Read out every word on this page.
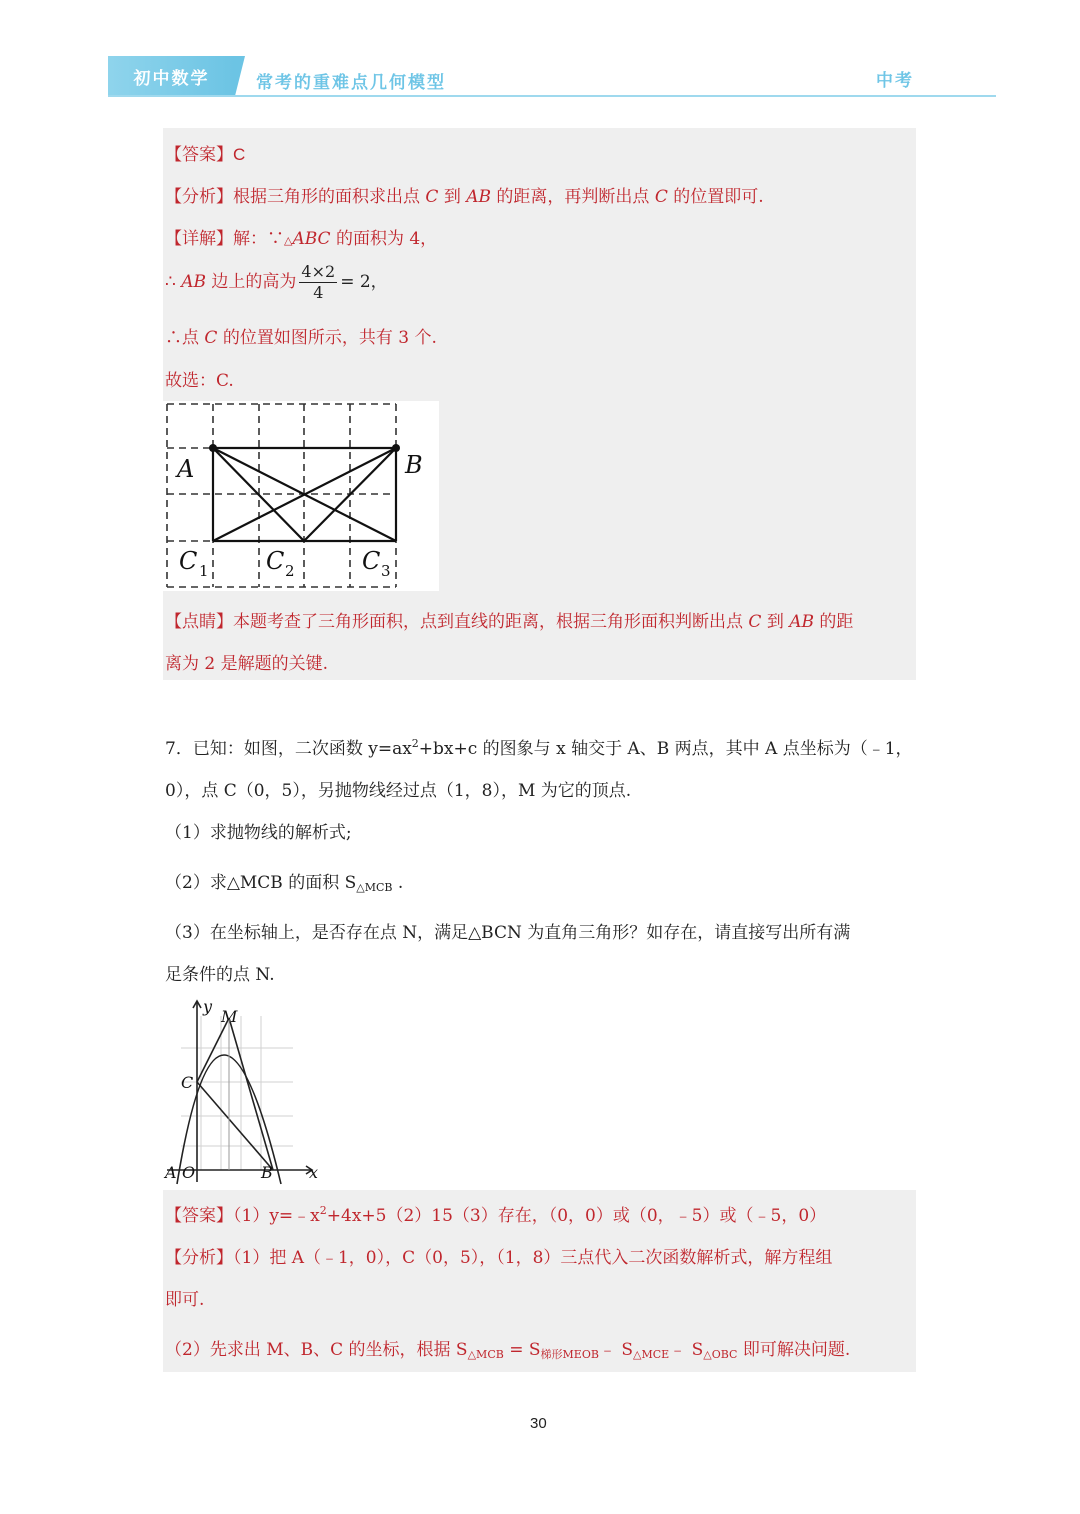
初中数学	常考的重难点几何模型	中考
【答案】C
【分析】根据三角形的面积求出点 C 到 AB 的距离，再判断出点 C 的位置即可.
【详解】解：∵△ABC 的面积为 4，
∴ AB 边上的高为 $\frac{4\times 2}{4} = 2$，
∴点 C 的位置如图所示，共有 3 个.
故选：C.
A	B
C	C	C
1	2	3
【点睛】本题考查了三角形面积，点到直线的距离，根据三角形面积判断出点 C 到 AB 的距
离为 2 是解题的关键.
7．已知：如图，二次函数 $y=ax^2+bx+c$ 的图象与 x 轴交于 A、B 两点，其中 A 点坐标为（﹣1，
0），点 C（0，5），另抛物线经过点（1，8），M 为它的顶点.
（1）求抛物线的解析式;
（2）求△MCB 的面积 $S_{\triangle MCB}$ .
（3）在坐标轴上，是否存在点 N，满足△BCN 为直角三角形？如存在，请直接写出所有满
足条件的点 N.
y
M
C
A O	B x
【答案】$(1)y=﹣x^2+4x+5(2)15(3)$存在，（0，0）或（0，﹣5）或（﹣5，0）
【分析】（1）把 A（﹣1，0），C（0，5），（1，8）三点代入二次函数解析式，解方程组
即可.
（2）先求出 M、B、C 的坐标，根据 $S_{\triangle MCB}$ = $S_{梯形MEOB}﹣$ $S_{\triangle MCE}﹣$ $S_{\triangle OBC}$ 即可解决问题.
30
